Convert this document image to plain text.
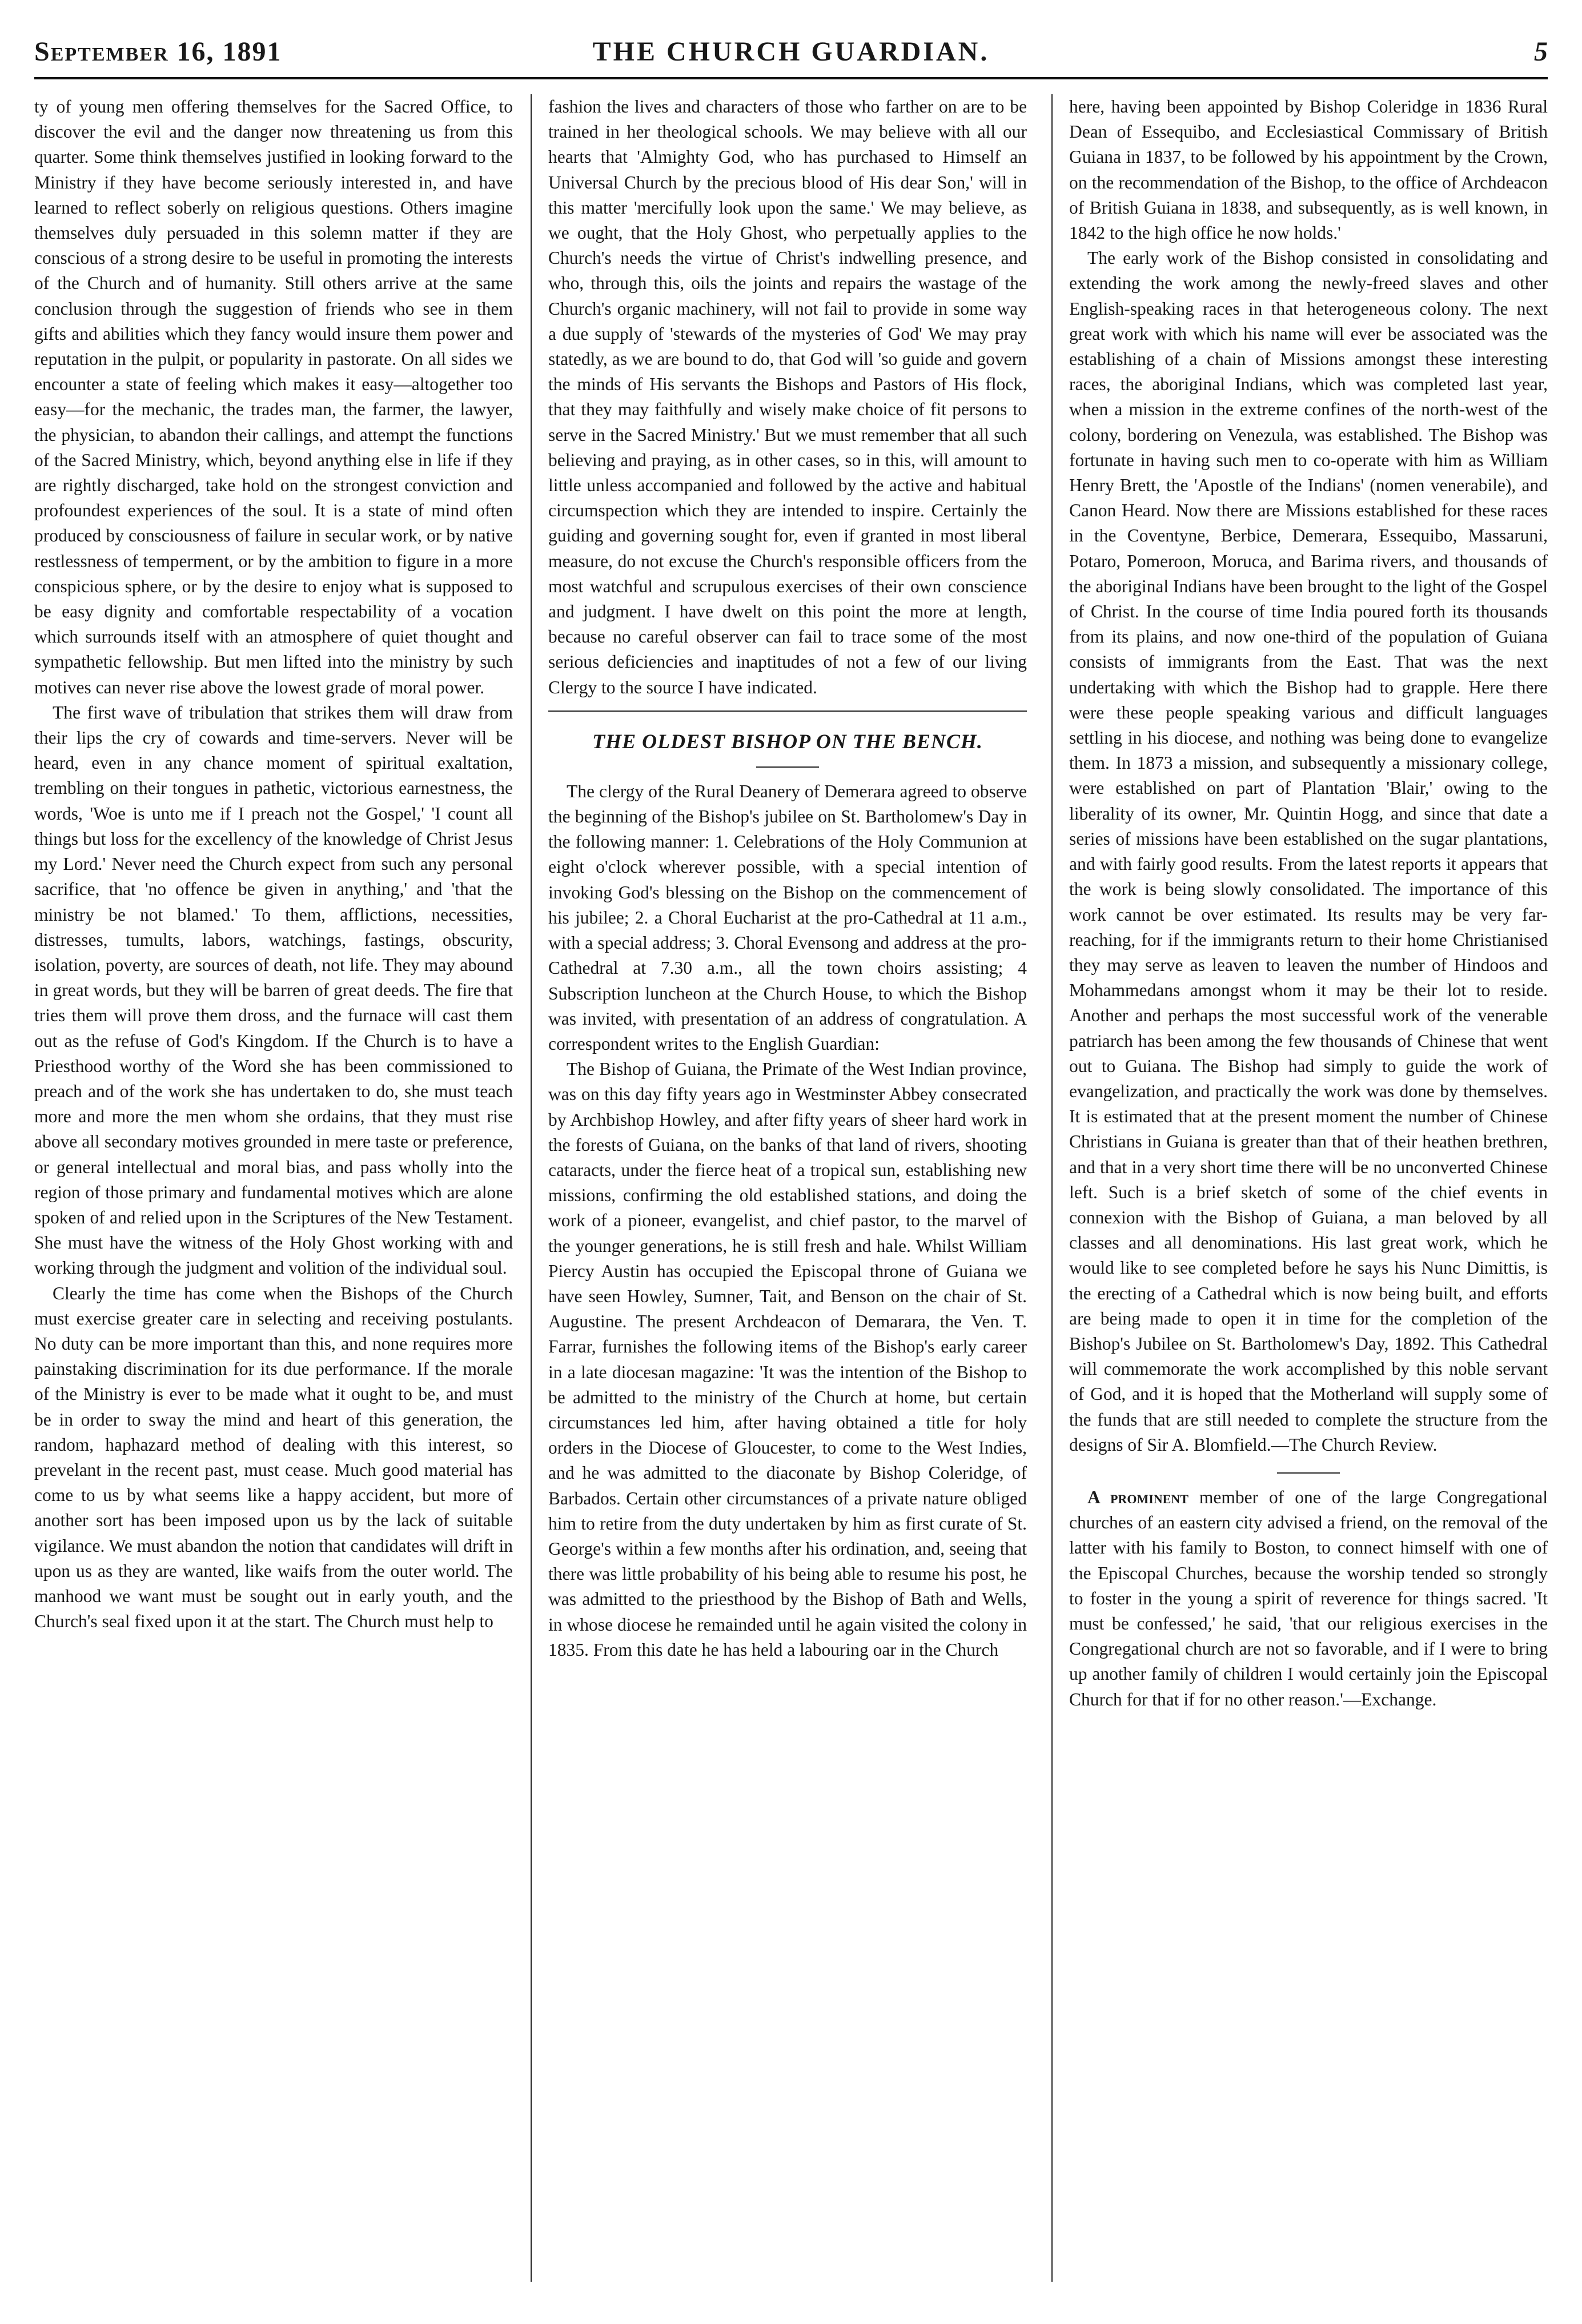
September 16, 1891	THE CHURCH GUARDIAN.	5

ty of young men offering themselves for the Sacred Office, to discover the evil and the danger now threatening us from this quarter. Some think themselves justified in looking forward to the Ministry if they have become seriously interested in, and have learned to reflect soberly on religious questions. Others imagine themselves duly persuaded in this solemn matter if they are conscious of a strong desire to be useful in promoting the interests of the Church and of humanity. Still others arrive at the same conclusion through the suggestion of friends who see in them gifts and abilities which they fancy would insure them power and reputation in the pulpit, or popularity in pastorate. On all sides we encounter a state of feeling which makes it easy—altogether too easy—for the mechanic, the trades man, the farmer, the lawyer, the physician, to abandon their callings, and attempt the functions of the Sacred Ministry, which, beyond anything else in life if they are rightly discharged, take hold on the strongest conviction and profoundest experiences of the soul. It is a state of mind often produced by consciousness of failure in secular work, or by native restlessness of temperment, or by the ambition to figure in a more conspicious sphere, or by the desire to enjoy what is supposed to be easy dignity and comfortable respectability of a vocation which surrounds itself with an atmosphere of quiet thought and sympathetic fellowship. But men lifted into the ministry by such motives can never rise above the lowest grade of moral power.

The first wave of tribulation that strikes them will draw from their lips the cry of cowards and time-servers. Never will be heard, even in any chance moment of spiritual exaltation, trembling on their tongues in pathetic, victorious earnestness, the words, 'Woe is unto me if I preach not the Gospel,' 'I count all things but loss for the excellency of the knowledge of Christ Jesus my Lord.' Never need the Church expect from such any personal sacrifice, that 'no offence be given in anything,' and 'that the ministry be not blamed.' To them, afflictions, necessities, distresses, tumults, labors, watchings, fastings, obscurity, isolation, poverty, are sources of death, not life. They may abound in great words, but they will be barren of great deeds. The fire that tries them will prove them dross, and the furnace will cast them out as the refuse of God's Kingdom. If the Church is to have a Priesthood worthy of the Word she has been commissioned to preach and of the work she has undertaken to do, she must teach more and more the men whom she ordains, that they must rise above all secondary motives grounded in mere taste or preference, or general intellectual and moral bias, and pass wholly into the region of those primary and fundamental motives which are alone spoken of and relied upon in the Scriptures of the New Testament. She must have the witness of the Holy Ghost working with and working through the judgment and volition of the individual soul.

Clearly the time has come when the Bishops of the Church must exercise greater care in selecting and receiving postulants. No duty can be more important than this, and none requires more painstaking discrimination for its due performance. If the morale of the Ministry is ever to be made what it ought to be, and must be in order to sway the mind and heart of this generation, the random, haphazard method of dealing with this interest, so prevelant in the recent past, must cease. Much good material has come to us by what seems like a happy accident, but more of another sort has been imposed upon us by the lack of suitable vigilance. We must abandon the notion that candidates will drift in upon us as they are wanted, like waifs from the outer world. The manhood we want must be sought out in early youth, and the Church's seal fixed upon it at the start. The Church must help to

fashion the lives and characters of those who farther on are to be trained in her theological schools. We may believe with all our hearts that 'Almighty God, who has purchased to Himself an Universal Church by the precious blood of His dear Son,' will in this matter 'mercifully look upon the same.' We may believe, as we ought, that the Holy Ghost, who perpetually applies to the Church's needs the virtue of Christ's indwelling presence, and who, through this, oils the joints and repairs the wastage of the Church's organic machinery, will not fail to provide in some way a due supply of 'stewards of the mysteries of God' We may pray statedly, as we are bound to do, that God will 'so guide and govern the minds of His servants the Bishops and Pastors of His flock, that they may faithfully and wisely make choice of fit persons to serve in the Sacred Ministry.' But we must remember that all such believing and praying, as in other cases, so in this, will amount to little unless accompanied and followed by the active and habitual circumspection which they are intended to inspire. Certainly the guiding and governing sought for, even if granted in most liberal measure, do not excuse the Church's responsible officers from the most watchful and scrupulous exercises of their own conscience and judgment. I have dwelt on this point the more at length, because no careful observer can fail to trace some of the most serious deficiencies and inaptitudes of not a few of our living Clergy to the source I have indicated.

THE OLDEST BISHOP ON THE BENCH.

The clergy of the Rural Deanery of Demerara agreed to observe the beginning of the Bishop's jubilee on St. Bartholomew's Day in the following manner: 1. Celebrations of the Holy Communion at eight o'clock wherever possible, with a special intention of invoking God's blessing on the Bishop on the commencement of his jubilee; 2. a Choral Eucharist at the pro-Cathedral at 11 a.m., with a special address; 3. Choral Evensong and address at the pro-Cathedral at 7.30 a.m., all the town choirs assisting; 4 Subscription luncheon at the Church House, to which the Bishop was invited, with presentation of an address of congratulation. A correspondent writes to the English Guardian:

The Bishop of Guiana, the Primate of the West Indian province, was on this day fifty years ago in Westminster Abbey consecrated by Archbishop Howley, and after fifty years of sheer hard work in the forests of Guiana, on the banks of that land of rivers, shooting cataracts, under the fierce heat of a tropical sun, establishing new missions, confirming the old established stations, and doing the work of a pioneer, evangelist, and chief pastor, to the marvel of the younger generations, he is still fresh and hale. Whilst William Piercy Austin has occupied the Episcopal throne of Guiana we have seen Howley, Sumner, Tait, and Benson on the chair of St. Augustine. The present Archdeacon of Demarara, the Ven. T. Farrar, furnishes the following items of the Bishop's early career in a late diocesan magazine: 'It was the intention of the Bishop to be admitted to the ministry of the Church at home, but certain circumstances led him, after having obtained a title for holy orders in the Diocese of Gloucester, to come to the West Indies, and he was admitted to the diaconate by Bishop Coleridge, of Barbados. Certain other circumstances of a private nature obliged him to retire from the duty undertaken by him as first curate of St. George's within a few months after his ordination, and, seeing that there was little probability of his being able to resume his post, he was admitted to the priesthood by the Bishop of Bath and Wells, in whose diocese he remainded until he again visited the colony in 1835. From this date he has held a labouring oar in the Church

here, having been appointed by Bishop Coleridge in 1836 Rural Dean of Essequibo, and Ecclesiastical Commissary of British Guiana in 1837, to be followed by his appointment by the Crown, on the recommendation of the Bishop, to the office of Archdeacon of British Guiana in 1838, and subsequently, as is well known, in 1842 to the high office he now holds.'

The early work of the Bishop consisted in consolidating and extending the work among the newly-freed slaves and other English-speaking races in that heterogeneous colony. The next great work with which his name will ever be associated was the establishing of a chain of Missions amongst these interesting races, the aboriginal Indians, which was completed last year, when a mission in the extreme confines of the north-west of the colony, bordering on Venezula, was established. The Bishop was fortunate in having such men to co-operate with him as William Henry Brett, the 'Apostle of the Indians' (nomen venerabile), and Canon Heard. Now there are Missions established for these races in the Coventyne, Berbice, Demerara, Essequibo, Massaruni, Potaro, Pomeroon, Moruca, and Barima rivers, and thousands of the aboriginal Indians have been brought to the light of the Gospel of Christ. In the course of time India poured forth its thousands from its plains, and now one-third of the population of Guiana consists of immigrants from the East. That was the next undertaking with which the Bishop had to grapple. Here there were these people speaking various and difficult languages settling in his diocese, and nothing was being done to evangelize them. In 1873 a mission, and subsequently a missionary college, were established on part of Plantation 'Blair,' owing to the liberality of its owner, Mr. Quintin Hogg, and since that date a series of missions have been established on the sugar plantations, and with fairly good results. From the latest reports it appears that the work is being slowly consolidated. The importance of this work cannot be over estimated. Its results may be very far-reaching, for if the immigrants return to their home Christianised they may serve as leaven to leaven the number of Hindoos and Mohammedans amongst whom it may be their lot to reside. Another and perhaps the most successful work of the venerable patriarch has been among the few thousands of Chinese that went out to Guiana. The Bishop had simply to guide the work of evangelization, and practically the work was done by themselves. It is estimated that at the present moment the number of Chinese Christians in Guiana is greater than that of their heathen brethren, and that in a very short time there will be no unconverted Chinese left. Such is a brief sketch of some of the chief events in connexion with the Bishop of Guiana, a man beloved by all classes and all denominations. His last great work, which he would like to see completed before he says his Nunc Dimittis, is the erecting of a Cathedral which is now being built, and efforts are being made to open it in time for the completion of the Bishop's Jubilee on St. Bartholomew's Day, 1892. This Cathedral will commemorate the work accomplished by this noble servant of God, and it is hoped that the Motherland will supply some of the funds that are still needed to complete the structure from the designs of Sir A. Blomfield.—The Church Review.

A prominent member of one of the large Congregational churches of an eastern city advised a friend, on the removal of the latter with his family to Boston, to connect himself with one of the Episcopal Churches, because the worship tended so strongly to foster in the young a spirit of reverence for things sacred. 'It must be confessed,' he said, 'that our religious exercises in the Congregational church are not so favorable, and if I were to bring up another family of children I would certainly join the Episcopal Church for that if for no other reason.'—Exchange.
